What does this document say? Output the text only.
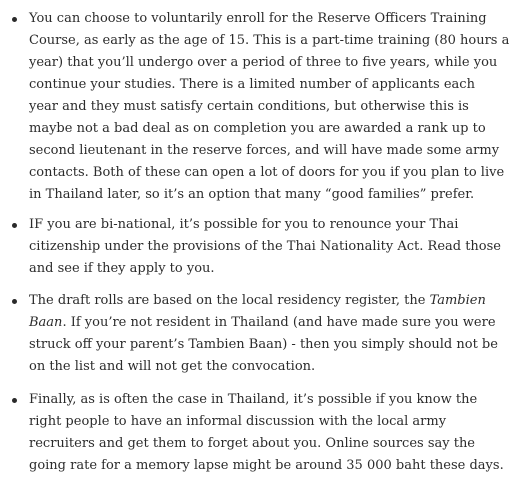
You can choose to voluntarily enroll for the Reserve Officers Training
Course, as early as the age of 15. This is a part-time training (80 hours a
year) that you’ll undergo over a period of three to five years, while you
continue your studies. There is a limited number of applicants each
year and they must satisfy certain conditions, but otherwise this is
maybe not a bad deal as on completion you are awarded a rank up to
second lieutenant in the reserve forces, and will have made some army
contacts. Both of these can open a lot of doors for you if you plan to live
in Thailand later, so it’s an option that many “good families” prefer.

IF you are bi-national, it’s possible for you to renounce your Thai
citizenship under the provisions of the Thai Nationality Act. Read those
and see if they apply to you.

The draft rolls are based on the local residency register, the Tambien
Baan. If you’re not resident in Thailand (and have made sure you were
struck off your parent’s Tambien Baan) - then you simply should not be
on the list and will not get the convocation.

Finally, as is often the case in Thailand, it’s possible if you know the
right people to have an informal discussion with the local army
recruiters and get them to forget about you. Online sources say the
going rate for a memory lapse might be around 35 000 baht these days.
